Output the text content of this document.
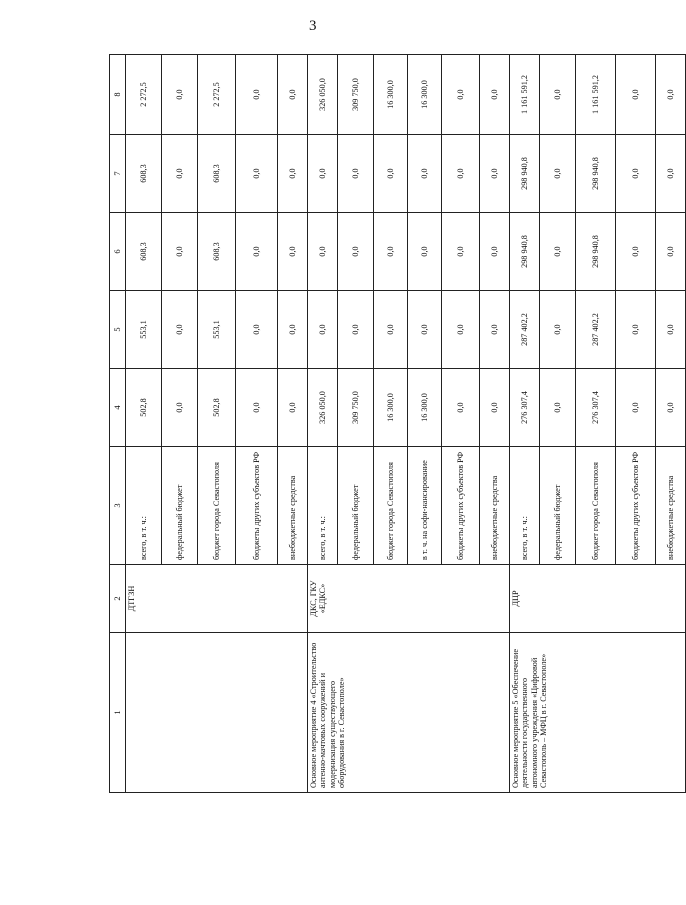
3
1	2	3	4	5	6	7	8
	ДТГЗН	всего, в т. ч.:	502,8	553,1	608,3	608,3	2 272,5
		федеральный бюджет	0,0	0,0	0,0	0,0	0,0
		бюджет города Севастополя	502,8	553,1	608,3	608,3	2 272,5
		бюджеты других субъектов РФ	0,0	0,0	0,0	0,0	0,0
		внебюджетные средства	0,0	0,0	0,0	0,0	0,0
Основное мероприятие 4 «Строительство антенно-мачтовых сооружений и модернизация существующего оборудования в г. Севастополе»	ДКС, ГКУ «ЕДКС»	всего, в т. ч.:	326 050,0	0,0	0,0	0,0	326 050,0
		федеральный бюджет	309 750,0	0,0	0,0	0,0	309 750,0
		бюджет города Севастополя	16 300,0	0,0	0,0	0,0	16 300,0
		в т. ч. на софи-нансирование	16 300,0	0,0	0,0	0,0	16 300,0
		бюджеты других субъектов РФ	0,0	0,0	0,0	0,0	0,0
		внебюджетные средства	0,0	0,0	0,0	0,0	0,0
Основное мероприятие 5 «Обеспечение деятельности государственного автономного учреждения «Цифровой Севастополь – МФЦ в г. Севастополе»	ДЦР	всего, в т. ч.:	276 307,4	287 402,2	298 940,8	298 940,8	1 161 591,2
		федеральный бюджет	0,0	0,0	0,0	0,0	0,0
		бюджет города Севастополя	276 307,4	287 402,2	298 940,8	298 940,8	1 161 591,2
		бюджеты других субъектов РФ	0,0	0,0	0,0	0,0	0,0
		внебюджетные средства	0,0	0,0	0,0	0,0	0,0
